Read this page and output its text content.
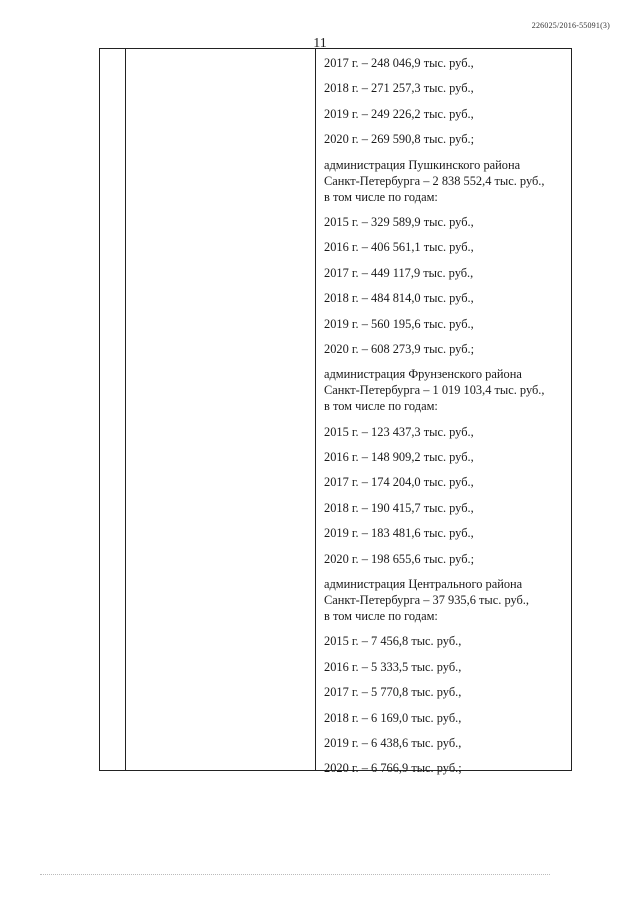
226025/2016-55091(3)
11

2017 г. – 248 046,9 тыс. руб.,

2018 г. – 271 257,3 тыс. руб.,

2019 г. – 249 226,2 тыс. руб.,

2020 г. – 269 590,8 тыс. руб.;

администрация Пушкинского района

Санкт-Петербурга – 2 838 552,4 тыс. руб.,

в том числе по годам:

2015 г. – 329 589,9 тыс. руб.,

2016 г. – 406 561,1 тыс. руб.,

2017 г. – 449 117,9 тыс. руб.,

2018 г. – 484 814,0 тыс. руб.,

2019 г. – 560 195,6 тыс. руб.,

2020 г. – 608 273,9 тыс. руб.;

администрация Фрунзенского района

Санкт-Петербурга – 1 019 103,4 тыс. руб.,

в том числе по годам:

2015 г. – 123 437,3 тыс. руб.,

2016 г. – 148 909,2 тыс. руб.,

2017 г. – 174 204,0 тыс. руб.,

2018 г. – 190 415,7 тыс. руб.,

2019 г. – 183 481,6 тыс. руб.,

2020 г. – 198 655,6 тыс. руб.;

администрация Центрального района

Санкт-Петербурга – 37 935,6 тыс. руб.,

в том числе по годам:

2015 г. – 7 456,8 тыс. руб.,

2016 г. – 5 333,5 тыс. руб.,

2017 г. – 5 770,8 тыс. руб.,

2018 г. – 6 169,0 тыс. руб.,

2019 г. – 6 438,6 тыс. руб.,

2020 г. – 6 766,9 тыс. руб.;
